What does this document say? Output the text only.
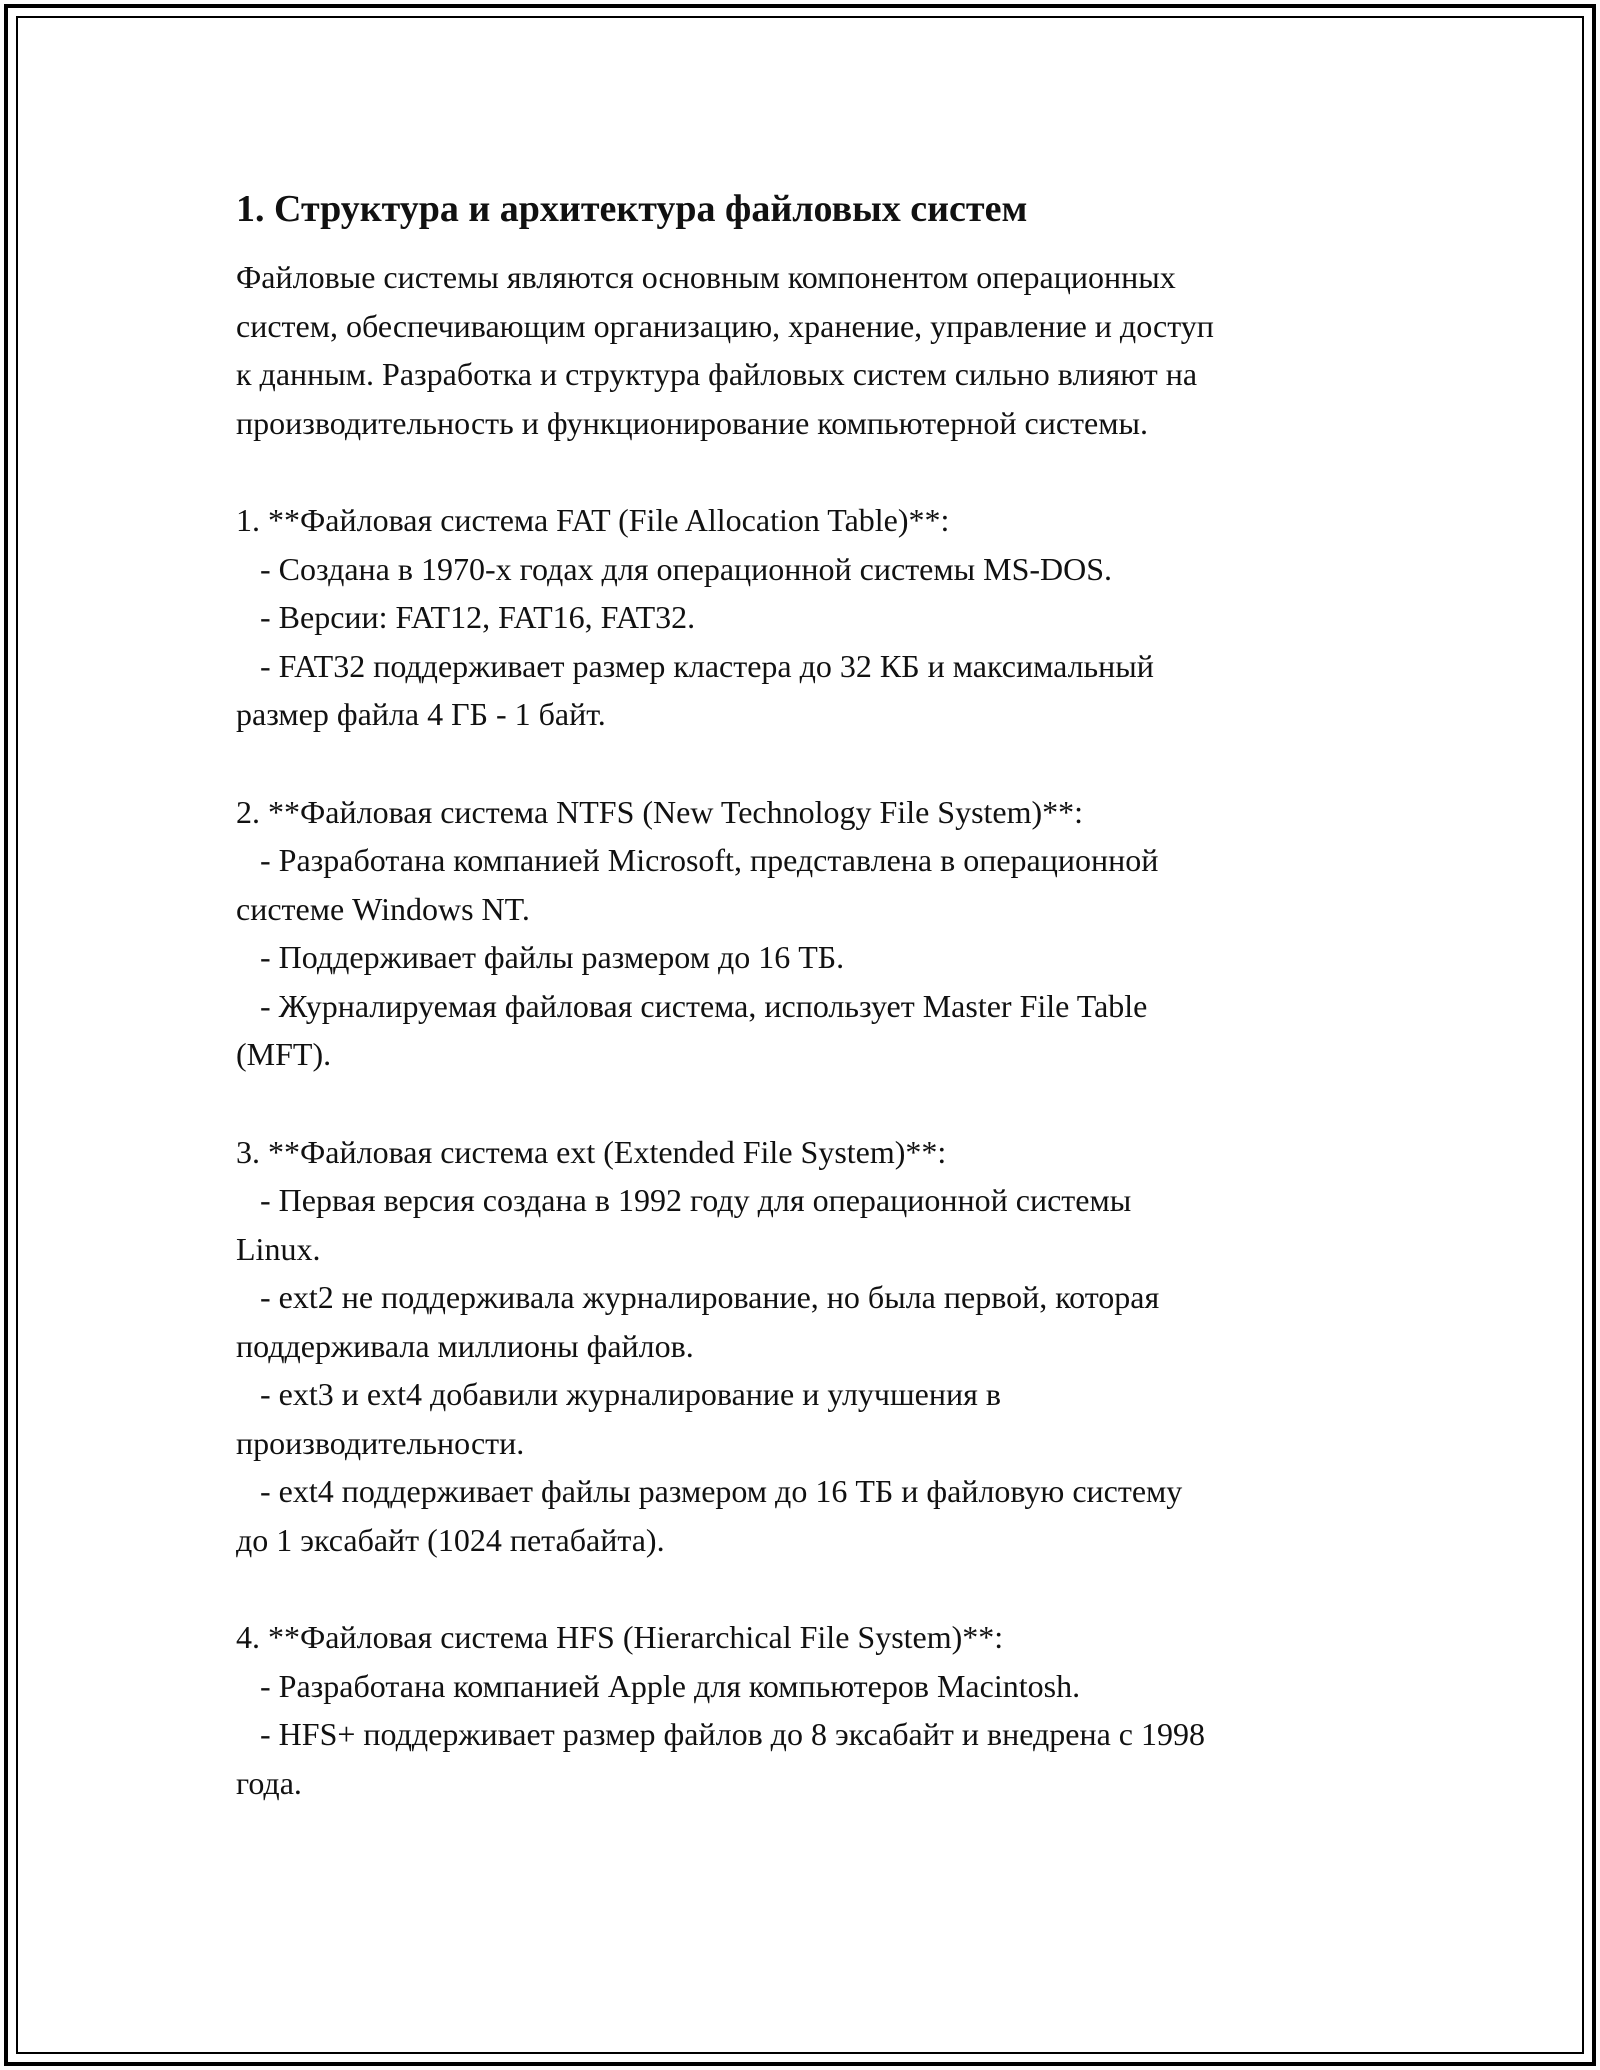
1. Структура и архитектура файловых систем
Файловые системы являются основным компонентом операционных
систем, обеспечивающим организацию, хранение, управление и доступ
к данным. Разработка и структура файловых систем сильно влияют на
производительность и функционирование компьютерной системы.
1. **Файловая система FAT (File Allocation Table)**:
- Создана в 1970-х годах для операционной системы MS-DOS.
- Версии: FAT12, FAT16, FAT32.
- FAT32 поддерживает размер кластера до 32 КБ и максимальный
размер файла 4 ГБ - 1 байт.
2. **Файловая система NTFS (New Technology File System)**:
- Разработана компанией Microsoft, представлена в операционной
системе Windows NT.
- Поддерживает файлы размером до 16 ТБ.
- Журналируемая файловая система, использует Master File Table
(MFT).
3. **Файловая система ext (Extended File System)**:
- Первая версия создана в 1992 году для операционной системы
Linux.
- ext2 не поддерживала журналирование, но была первой, которая
поддерживала миллионы файлов.
- ext3 и ext4 добавили журналирование и улучшения в
производительности.
- ext4 поддерживает файлы размером до 16 ТБ и файловую систему
до 1 эксабайт (1024 петабайта).
4. **Файловая система HFS (Hierarchical File System)**:
- Разработана компанией Apple для компьютеров Macintosh.
- HFS+ поддерживает размер файлов до 8 эксабайт и внедрена с 1998
года.
